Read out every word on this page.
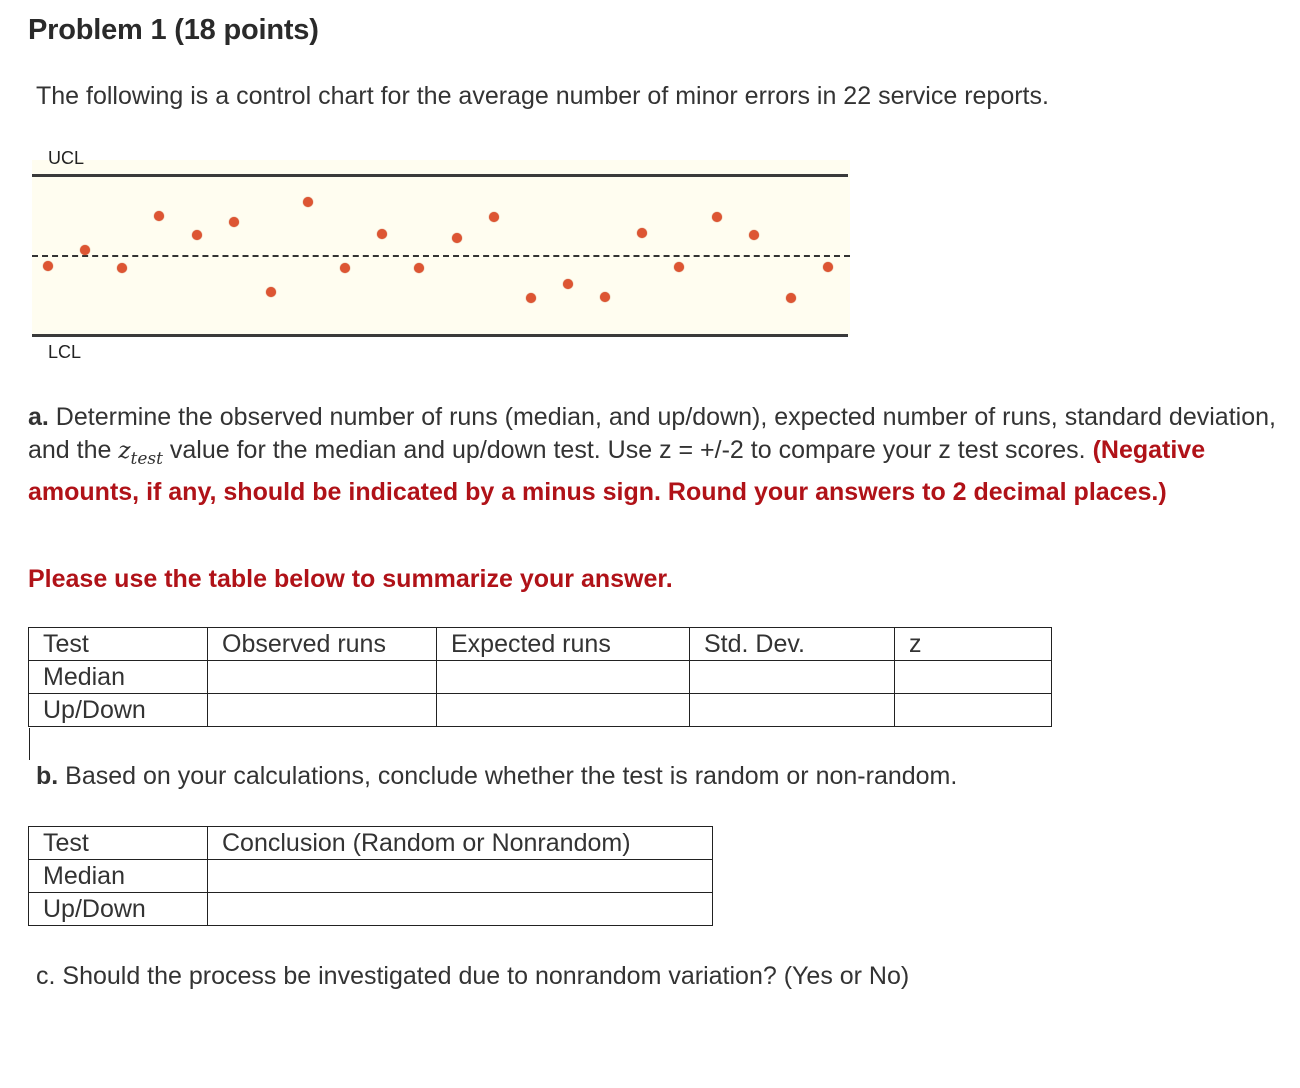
Problem 1 (18 points)
The following is a control chart for the average number of minor errors in 22 service reports.
UCL
LCL
a. Determine the observed number of runs (median, and up/down), expected number of runs, standard deviation, and the $z_{test}$ value for the median and up/down test. Use z = +/-2 to compare your z test scores. (Negative amounts, if any, should be indicated by a minus sign. Round your answers to 2 decimal places.)
Please use the table below to summarize your answer.
Test	Observed runs	Expected runs	Std. Dev.	z
Median				
Up/Down				
b. Based on your calculations, conclude whether the test is random or non-random.
Test	Conclusion (Random or Nonrandom)
Median	
Up/Down	
c. Should the process be investigated due to nonrandom variation? (Yes or No)
